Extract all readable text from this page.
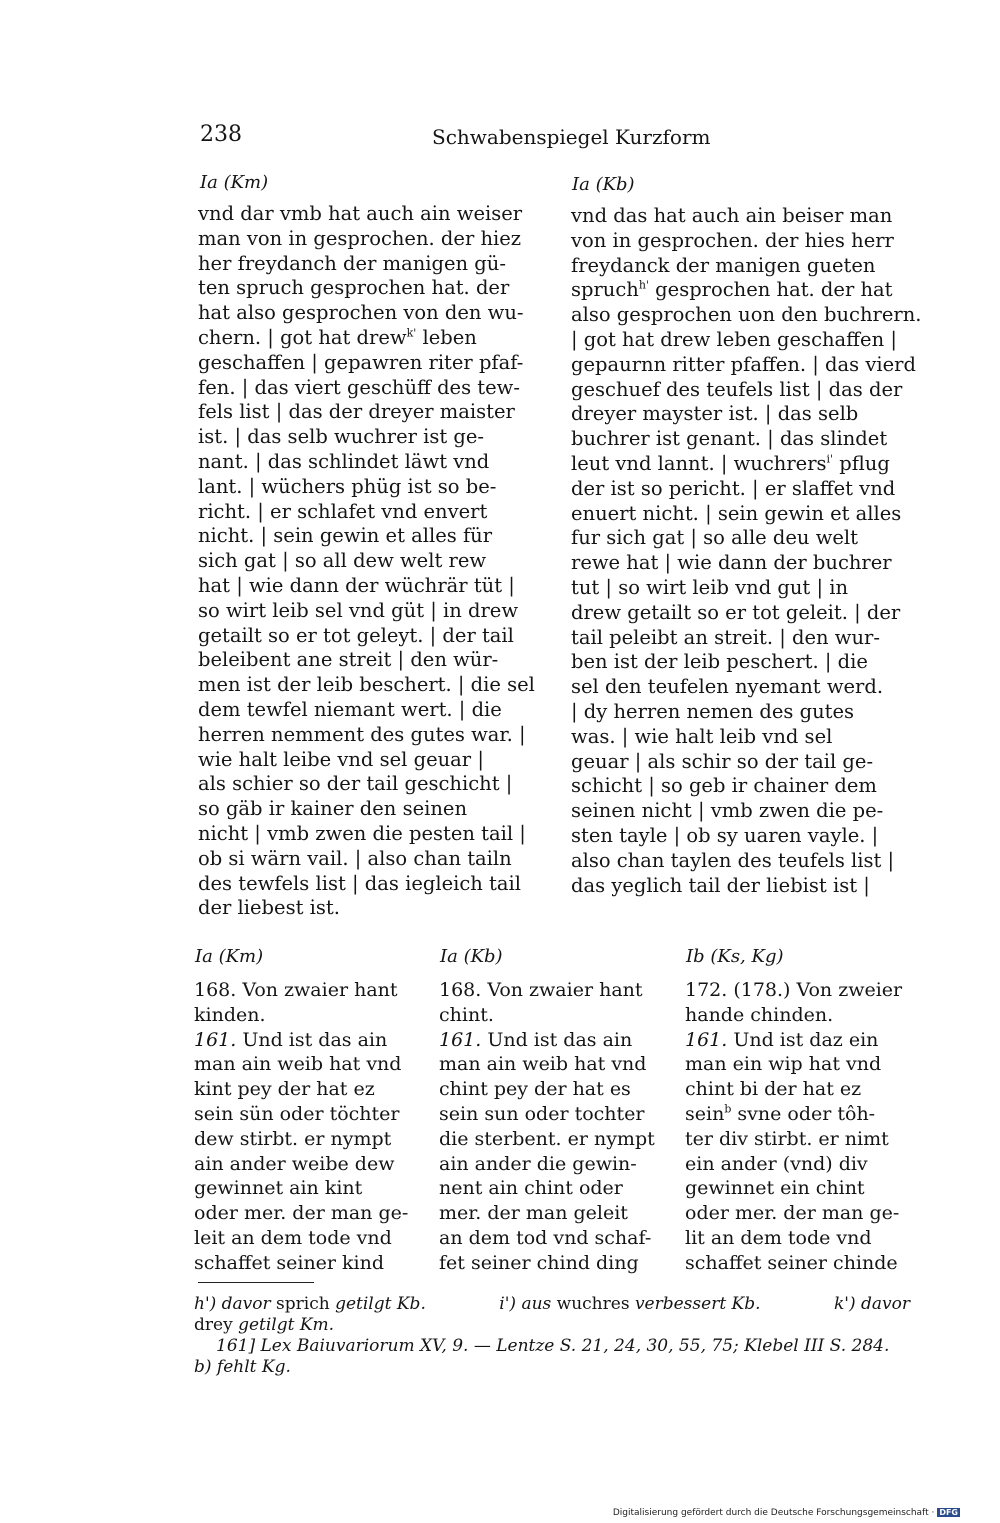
238	Schwabenspiegel Kurzform
Ia (Km)	Ia (Kb)
vnd dar vmb hat auch ain weiser
man von in gesprochen. der hiez
her freydanch der manigen gü-
ten spruch gesprochen hat. der
hat also gesprochen von den wu-
chern. | got hat drew$^{k'}$ leben
geschaffen | gepawren riter pfaf-
fen. | das viert geschüff des tew-
fels list | das der dreyer maister
ist. | das selb wuchrer ist ge-
nant. | das schlindet läwt vnd
lant. | wüchers phüg ist so be-
richt. | er schlafet vnd envert
nicht. | sein gewin et alles für
sich gat | so all dew welt rew
hat | wie dann der wüchrär tüt |
so wirt leib sel vnd güt | in drew
getailt so er tot geleyt. | der tail
beleibent ane streit | den wür-
men ist der leib beschert. | die sel
dem tewfel niemant wert. | die
herren nemment des gutes war. |
wie halt leibe vnd sel geuar |
als schier so der tail geschicht |
so gäb ir kainer den seinen
nicht | vmb zwen die pesten tail |
ob si wärn vail. | also chan tailn
des tewfels list | das iegleich tail
der liebest ist.
vnd das hat auch ain beiser man
von in gesprochen. der hies herr
freydanck der manigen gueten
spruch$^{h'}$ gesprochen hat. der hat
also gesprochen uon den buchrern.
| got hat drew leben geschaffen |
gepaurnn ritter pfaffen. | das vierd
geschuef des teufels list | das der
dreyer mayster ist. | das selb
buchrer ist genant. | das slindet
leut vnd lannt. | wuchrers$^{i'}$ pflug
der ist so pericht. | er slaffet vnd
enuert nicht. | sein gewin et alles
fur sich gat | so alle deu welt
rewe hat | wie dann der buchrer
tut | so wirt leib vnd gut | in
drew getailt so er tot geleit. | der
tail peleibt an streit. | den wur-
ben ist der leib peschert. | die
sel den teufelen nyemant werd.
| dy herren nemen des gutes
was. | wie halt leib vnd sel
geuar | als schir so der tail ge-
schicht | so geb ir chainer dem
seinen nicht | vmb zwen die pe-
sten tayle | ob sy uaren vayle. |
also chan taylen des teufels list |
das yeglich tail der liebist ist |
Ia (Km)	Ia (Kb)	Ib (Ks, Kg)
168. Von zwaier hant
kinden.
161. Und ist das ain
man ain weib hat vnd
kint pey der hat ez
sein sün oder töchter
dew stirbt. er nympt
ain ander weibe dew
gewinnet ain kint
oder mer. der man ge-
leit an dem tode vnd
schaffet seiner kind
168. Von zwaier hant
chint.
161. Und ist das ain
man ain weib hat vnd
chint pey der hat es
sein sun oder tochter
die sterbent. er nympt
ain ander die gewin-
nent ain chint oder
mer. der man geleit
an dem tod vnd schaf-
fet seiner chind ding
172. (178.) Von zweier
hande chinden.
161. Und ist daz ein
man ein wip hat vnd
chint bi der hat ez
sein$^b$ svne oder tôh-
ter div stirbt. er nimt
ein ander (vnd) div
gewinnet ein chint
oder mer. der man ge-
lit an dem tode vnd
schaffet seiner chinde
h') davor sprich getilgt Kb.	i') aus wuchres verbessert Kb.	k') davor
drey getilgt Km.
161] Lex Baiuvariorum XV, 9. — Lentze S. 21, 24, 30, 55, 75; Klebel III S. 284.
b) fehlt Kg.
Digitalisierung gefördert durch die Deutsche Forschungsgemeinschaft · DFG
